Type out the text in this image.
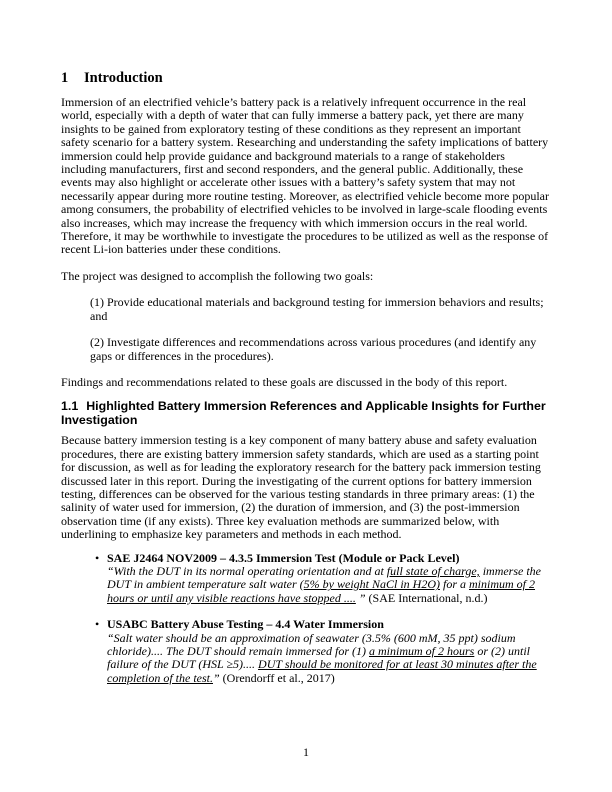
1 Introduction

Immersion of an electrified vehicle’s battery pack is a relatively infrequent occurrence in the real world, especially with a depth of water that can fully immerse a battery pack, yet there are many insights to be gained from exploratory testing of these conditions as they represent an important safety scenario for a battery system. Researching and understanding the safety implications of battery immersion could help provide guidance and background materials to a range of stakeholders including manufacturers, first and second responders, and the general public. Additionally, these events may also highlight or accelerate other issues with a battery’s safety system that may not necessarily appear during more routine testing. Moreover, as electrified vehicle become more popular among consumers, the probability of electrified vehicles to be involved in large-scale flooding events also increases, which may increase the frequency with which immersion occurs in the real world. Therefore, it may be worthwhile to investigate the procedures to be utilized as well as the response of recent Li-ion batteries under these conditions.

The project was designed to accomplish the following two goals:

(1) Provide educational materials and background testing for immersion behaviors and results; and

(2) Investigate differences and recommendations across various procedures (and identify any gaps or differences in the procedures).

Findings and recommendations related to these goals are discussed in the body of this report.

1.1 Highlighted Battery Immersion References and Applicable Insights for Further Investigation

Because battery immersion testing is a key component of many battery abuse and safety evaluation procedures, there are existing battery immersion safety standards, which are used as a starting point for discussion, as well as for leading the exploratory research for the battery pack immersion testing discussed later in this report. During the investigating of the current options for battery immersion testing, differences can be observed for the various testing standards in three primary areas: (1) the salinity of water used for immersion, (2) the duration of immersion, and (3) the post-immersion observation time (if any exists). Three key evaluation methods are summarized below, with underlining to emphasize key parameters and methods in each method.

• SAE J2464 NOV2009 – 4.3.5 Immersion Test (Module or Pack Level)
“With the DUT in its normal operating orientation and at full state of charge, immerse the DUT in ambient temperature salt water (5% by weight NaCl in H2O) for a minimum of 2 hours or until any visible reactions have stopped .... ” (SAE International, n.d.)
• USABC Battery Abuse Testing – 4.4 Water Immersion
“Salt water should be an approximation of seawater (3.5% (600 mM, 35 ppt) sodium chloride).... The DUT should remain immersed for (1) a minimum of 2 hours or (2) until failure of the DUT (HSL ≥5).... DUT should be monitored for at least 30 minutes after the completion of the test.” (Orendorff et al., 2017)
1
